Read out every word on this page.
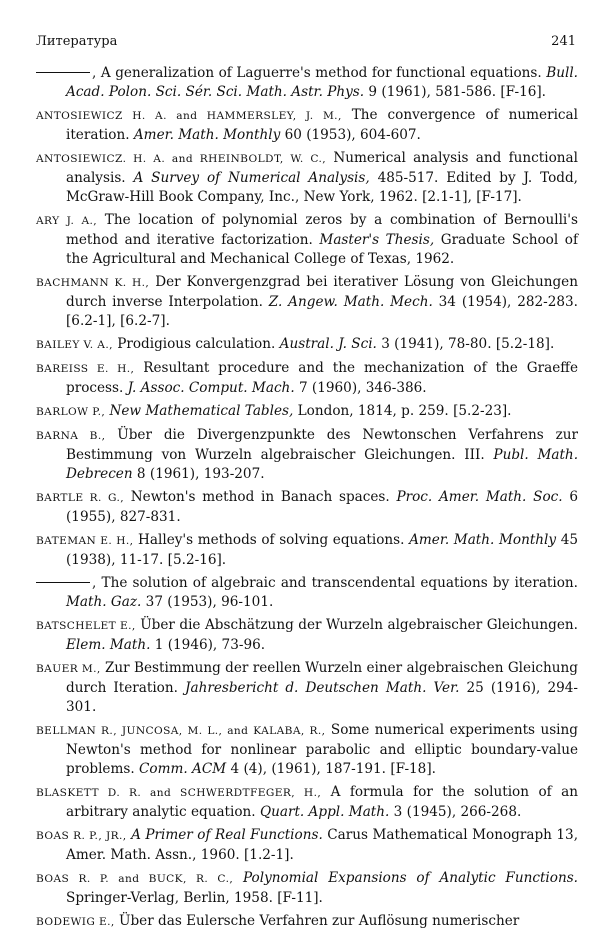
Литература	241

, A generalization of Laguerre's method for functional equations. Bull. Acad. Polon. Sci. Sér. Sci. Math. Astr. Phys. 9 (1961), 581-586. [F-16].

ANTOSIEWICZ H. A. and HAMMERSLEY, J. M., The convergence of numerical iteration. Amer. Math. Monthly 60 (1953), 604-607.

ANTOSIEWICZ. H. A. and RHEINBOLDT, W. C., Numerical analysis and functional analysis. A Survey of Numerical Analysis, 485-517. Edited by J. Todd, McGraw-Hill Book Company, Inc., New York, 1962. [2.1-1], [F-17].

ARY J. A., The location of polynomial zeros by a combination of Bernoulli's method and iterative factorization. Master's Thesis, Graduate School of the Agricultural and Mechanical College of Texas, 1962.

BACHMANN K. H., Der Konvergenzgrad bei iterativer Lösung von Gleichungen durch inverse Interpolation. Z. Angew. Math. Mech. 34 (1954), 282-283. [6.2-1], [6.2-7].

BAILEY V. A., Prodigious calculation. Austral. J. Sci. 3 (1941), 78-80. [5.2-18].

BAREISS E. H., Resultant procedure and the mechanization of the Graeffe process. J. Assoc. Comput. Mach. 7 (1960), 346-386.

BARLOW P., New Mathematical Tables, London, 1814, p. 259. [5.2-23].

BARNA B., Über die Divergenzpunkte des Newtonschen Verfahrens zur Bestimmung von Wurzeln algebraischer Gleichungen. III. Publ. Math. Debrecen 8 (1961), 193-207.

BARTLE R. G., Newton's method in Banach spaces. Proc. Amer. Math. Soc. 6 (1955), 827-831.

BATEMAN E. H., Halley's methods of solving equations. Amer. Math. Monthly 45 (1938), 11-17. [5.2-16].

, The solution of algebraic and transcendental equations by iteration. Math. Gaz. 37 (1953), 96-101.

BATSCHELET E., Über die Abschätzung der Wurzeln algebraischer Gleichungen. Elem. Math. 1 (1946), 73-96.

BAUER M., Zur Bestimmung der reellen Wurzeln einer algebraischen Gleichung durch Iteration. Jahresbericht d. Deutschen Math. Ver. 25 (1916), 294-301.

BELLMAN R., JUNCOSA, M. L., and KALABA, R., Some numerical experiments using Newton's method for nonlinear parabolic and elliptic boundary-value problems. Comm. ACM 4 (4), (1961), 187-191. [F-18].

BLASKETT D. R. and SCHWERDTFEGER, H., A formula for the solution of an arbitrary analytic equation. Quart. Appl. Math. 3 (1945), 266-268.

BOAS R. P., JR., A Primer of Real Functions. Carus Mathematical Monograph 13, Amer. Math. Assn., 1960. [1.2-1].

BOAS R. P. and BUCK, R. C., Polynomial Expansions of Analytic Functions. Springer-Verlag, Berlin, 1958. [F-11].

BODEWIG E., Über das Eulersche Verfahren zur Auflösung numerischer
